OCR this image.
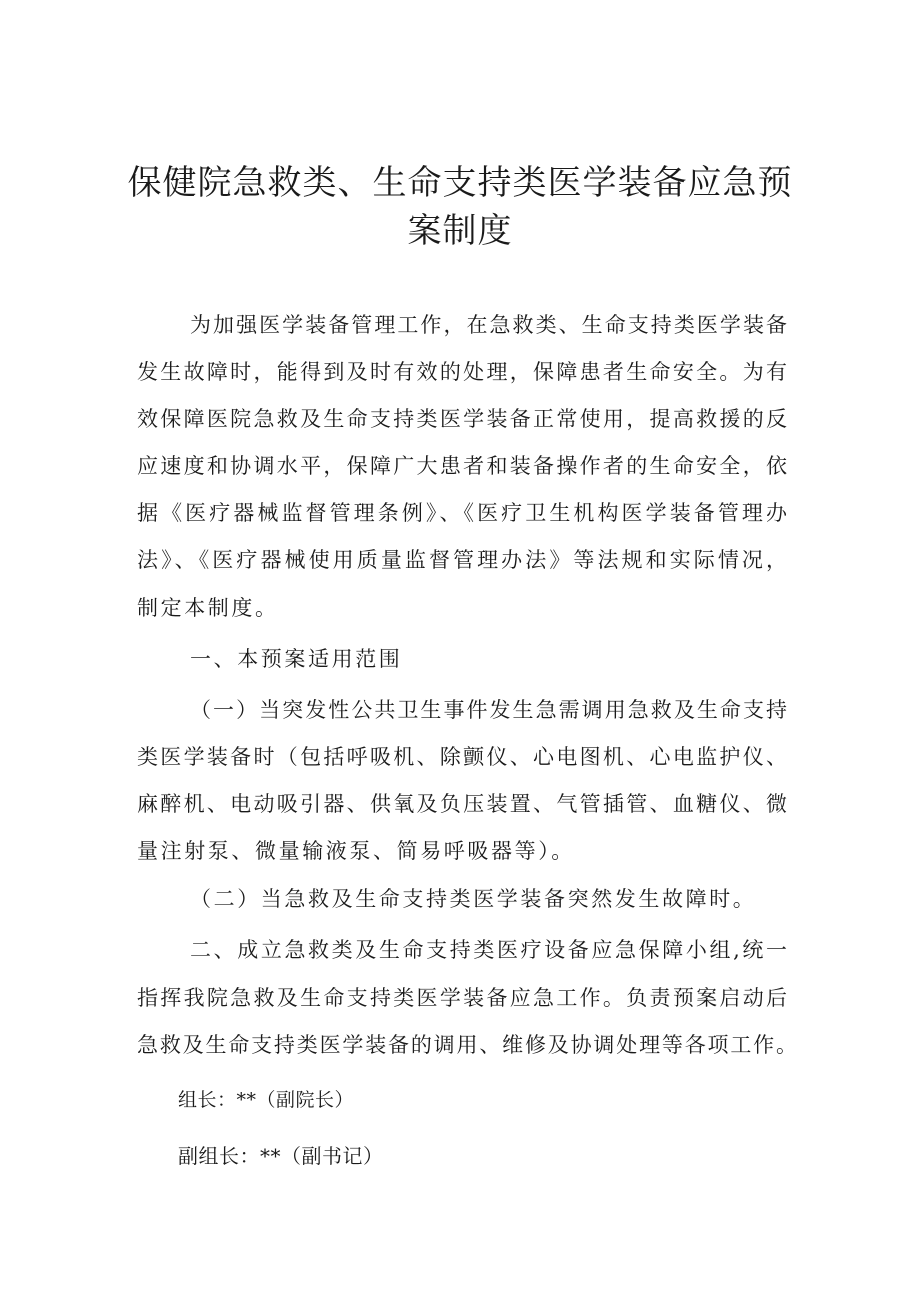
保健院急救类、生命支持类医学装备应急预
案制度
为加强医学装备管理工作，在急救类、生命支持类医学装备
发生故障时，能得到及时有效的处理，保障患者生命安全。为有
效保障医院急救及生命支持类医学装备正常使用，提高救援的反
应速度和协调水平，保障广大患者和装备操作者的生命安全，依
据《医疗器械监督管理条例》、《医疗卫生机构医学装备管理办
法》、《医疗器械使用质量监督管理办法》等法规和实际情况，
制定本制度。
一、本预案适用范围
（一）当突发性公共卫生事件发生急需调用急救及生命支持
类医学装备时（包括呼吸机、除颤仪、心电图机、心电监护仪、
麻醉机、电动吸引器、供氧及负压装置、气管插管、血糖仪、微
量注射泵、微量输液泵、简易呼吸器等）。
（二）当急救及生命支持类医学装备突然发生故障时。
二、成立急救类及生命支持类医疗设备应急保障小组,统一
指挥我院急救及生命支持类医学装备应急工作。负责预案启动后
急救及生命支持类医学装备的调用、维修及协调处理等各项工作。
组长：**（副院长）
副组长：**（副书记）
